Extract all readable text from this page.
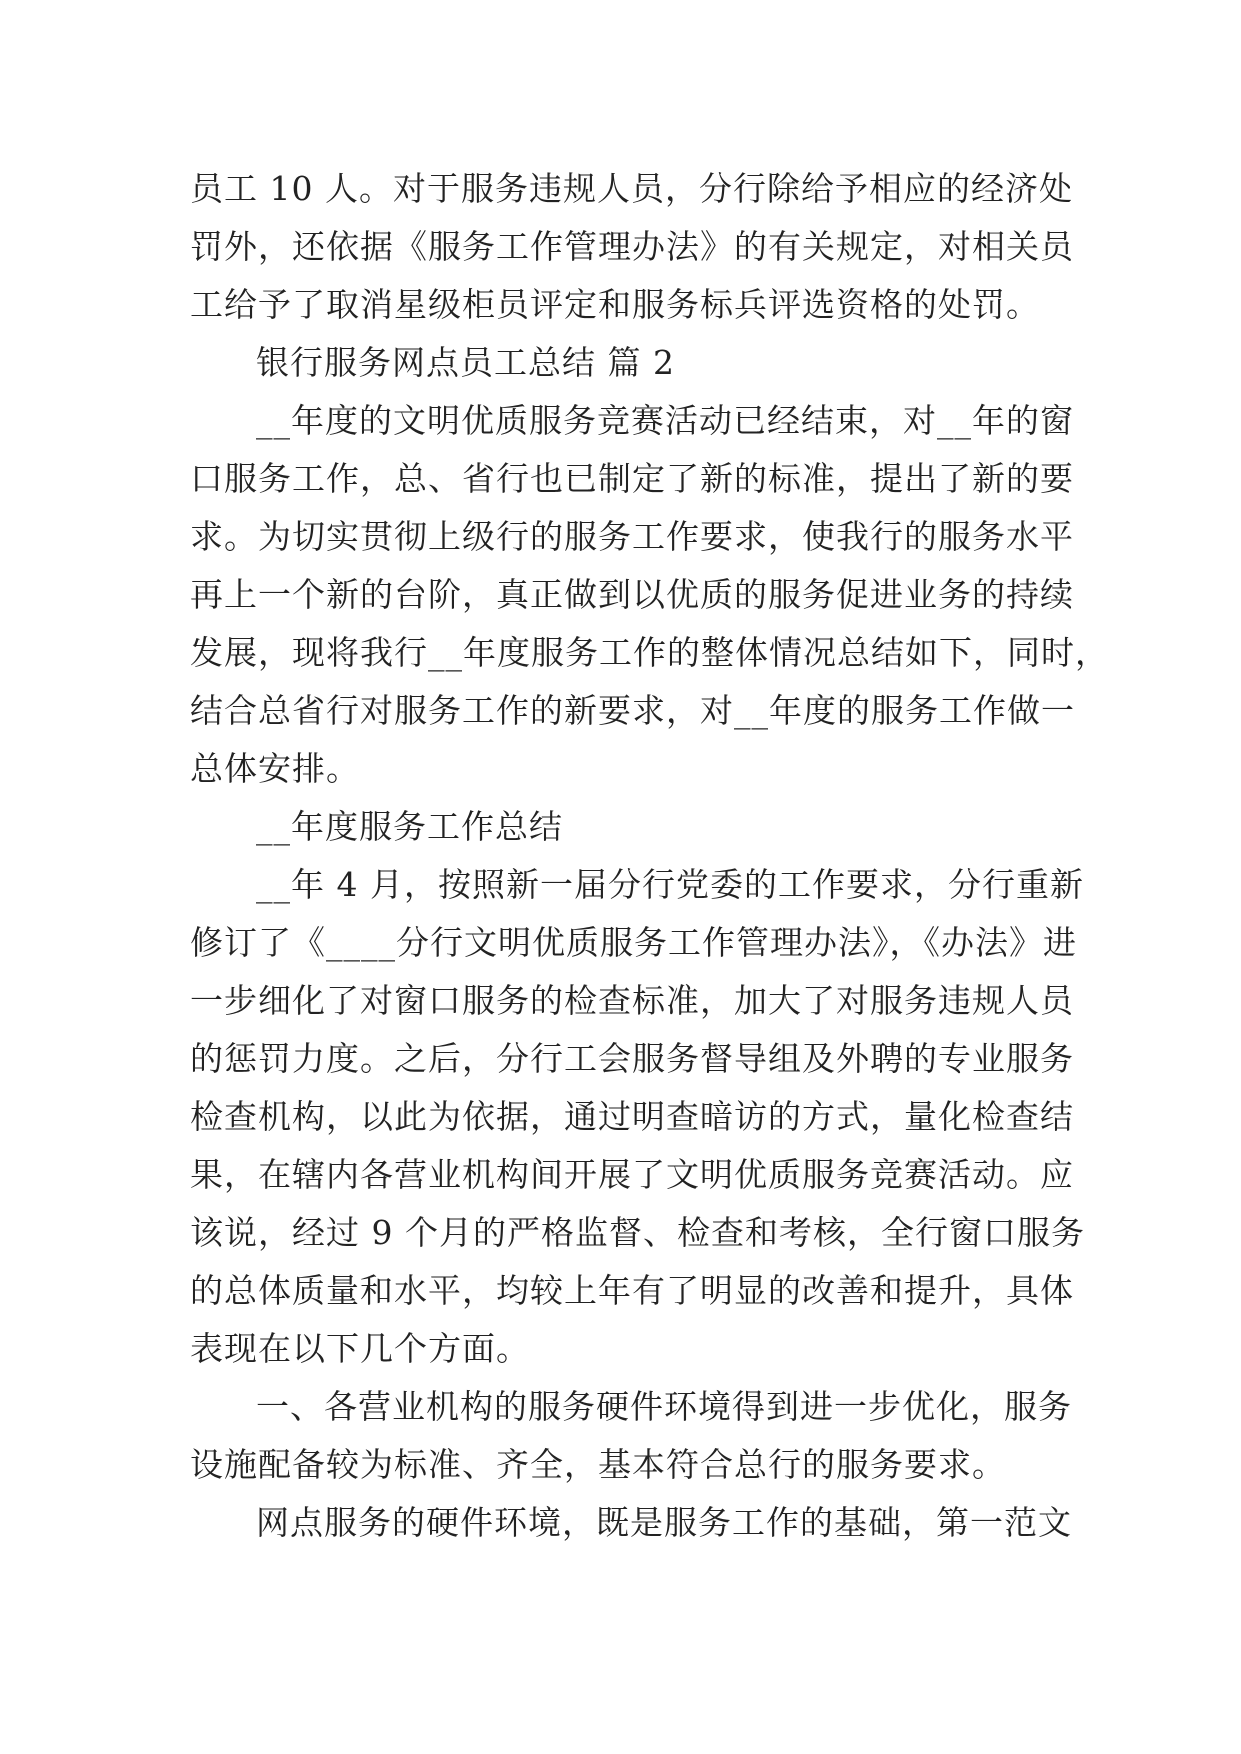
员工 10 人。对于服务违规人员，分行除给予相应的经济处
罚外，还依据《服务工作管理办法》的有关规定，对相关员
工给予了取消星级柜员评定和服务标兵评选资格的处罚。
银行服务网点员工总结 篇 2
__年度的文明优质服务竞赛活动已经结束，对__年的窗
口服务工作，总、省行也已制定了新的标准，提出了新的要
求。为切实贯彻上级行的服务工作要求，使我行的服务水平
再上一个新的台阶，真正做到以优质的服务促进业务的持续
发展，现将我行__年度服务工作的整体情况总结如下，同时，
结合总省行对服务工作的新要求，对__年度的服务工作做一
总体安排。
__年度服务工作总结
__年 4 月，按照新一届分行党委的工作要求，分行重新
修订了《____分行文明优质服务工作管理办法》，《办法》进
一步细化了对窗口服务的检查标准，加大了对服务违规人员
的惩罚力度。之后，分行工会服务督导组及外聘的专业服务
检查机构，以此为依据，通过明查暗访的方式，量化检查结
果，在辖内各营业机构间开展了文明优质服务竞赛活动。应
该说，经过 9 个月的严格监督、检查和考核，全行窗口服务
的总体质量和水平，均较上年有了明显的改善和提升，具体
表现在以下几个方面。
一、各营业机构的服务硬件环境得到进一步优化，服务
设施配备较为标准、齐全，基本符合总行的服务要求。
网点服务的硬件环境，既是服务工作的基础，第一范文
